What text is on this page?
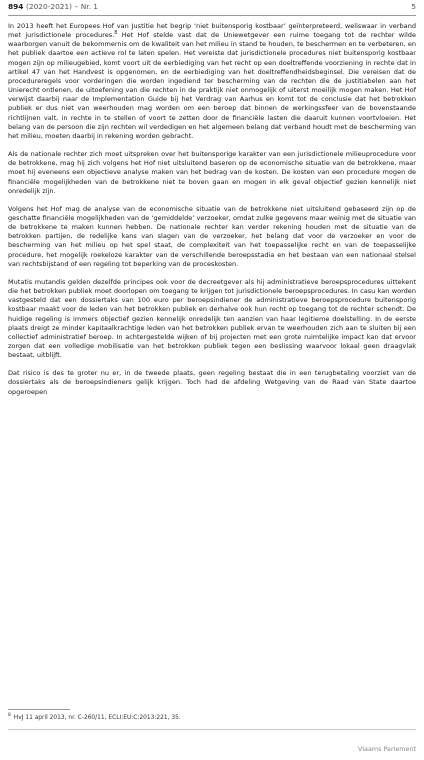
894 (2020-2021) – Nr. 1	5

In 2013 heeft het Europees Hof van Justitie het begrip ‘niet buitensporig kostbaar’ geïnterpreteerd, weliswaar in verband met jurisdictionele procedures.$^8$ Het Hof stelde vast dat de Uniewetgever een ruime toegang tot de rechter wilde waarborgen vanuit de bekommernis om de kwaliteit van het milieu in stand te houden, te beschermen en te verbeteren, en het publiek daartoe een actieve rol te laten spelen. Het vereiste dat jurisdictionele procedures niet buitensporig kostbaar mogen zijn op milieugebied, komt voort uit de eerbiediging van het recht op een doeltreffende voorziening in rechte dat in artikel 47 van het Handvest is opgenomen, en de eerbiediging van het doeltreffendheidsbeginsel. Die vereisen dat de procedureregels voor vorderingen die worden ingediend ter bescherming van de rechten die de justitiabelen aan het Unierecht ontlenen, de uitoefening van die rechten in de praktijk niet onmogelijk of uiterst moeilijk mogen maken. Het Hof verwijst daarbij naar de Implementation Guide bij het Verdrag van Aarhus en komt tot de conclusie dat het betrokken publiek er dus niet van weerhouden mag worden om een beroep dat binnen de werkingssfeer van de bovenstaande richtlijnen valt, in rechte in te stellen of voort te zetten door de financiële lasten die daaruit kunnen voortvloeien. Het belang van de persoon die zijn rechten wil verdedigen en het algemeen belang dat verband houdt met de bescherming van het milieu, moeten daarbij in rekening worden gebracht.

Als de nationale rechter zich moet uitspreken over het buitensporige karakter van een jurisdictionele milieuprocedure voor de betrokkene, mag hij zich volgens het Hof niet uitsluitend baseren op de economische situatie van de betrokkene, maar moet hij eveneens een objectieve analyse maken van het bedrag van de kosten. De kosten van een procedure mogen de financiële mogelijkheden van de betrokkene niet te boven gaan en mogen in elk geval objectief gezien kennelijk niet onredelijk zijn.

Volgens het Hof mag de analyse van de economische situatie van de betrokkene niet uitsluitend gebaseerd zijn op de geschatte financiële mogelijkheden van de ‘gemiddelde’ verzoeker, omdat zulke gegevens maar weinig met de situatie van de betrokkene te maken kunnen hebben. De nationale rechter kan verder rekening houden met de situatie van de betrokken partijen, de redelijke kans van slagen van de verzoeker, het belang dat voor de verzoeker en voor de bescherming van het milieu op het spel staat, de complexiteit van het toepasselijke recht en van de toepasselijke procedure, het mogelijk roekeloze karakter van de verschillende beroepsstadia en het bestaan van een nationaal stelsel van rechtsbijstand of een regeling tot beperking van de proceskosten.

Mutatis mutandis gelden dezelfde principes ook voor de decreetgever als hij administratieve beroepsprocedures uittekent die het betrokken publiek moet doorlopen om toegang te krijgen tot jurisdictionele beroepsprocedures. In casu kan worden vastgesteld dat een dossiertaks van 100 euro per beroepsindiener de administratieve beroepsprocedure buitensporig kostbaar maakt voor de leden van het betrokken publiek en derhalve ook hun recht op toegang tot de rechter schendt. De huidige regeling is immers objectief gezien kennelijk onredelijk ten aanzien van haar legitieme doelstelling. In de eerste plaats dreigt ze minder kapitaalkrachtige leden van het betrokken publiek ervan te weerhouden zich aan te sluiten bij een collectief administratief beroep. In achtergestelde wijken of bij projecten met een grote ruimtelijke impact kan dat ervoor zorgen dat een volledige mobilisatie van het betrokken publiek tegen een beslissing waarvoor lokaal geen draagvlak bestaat, uitblijft.

Dat risico is des te groter nu er, in de tweede plaats, geen regeling bestaat die in een terugbetaling voorziet van de dossiertaks als de beroepsindieners gelijk krijgen. Toch had de afdeling Wetgeving van de Raad van State daartoe opgeroepen

$^8$ HvJ 11 april 2013, nr. C-260/11, ECLI:EU:C:2013:221, 35.
Vlaams Parlement
